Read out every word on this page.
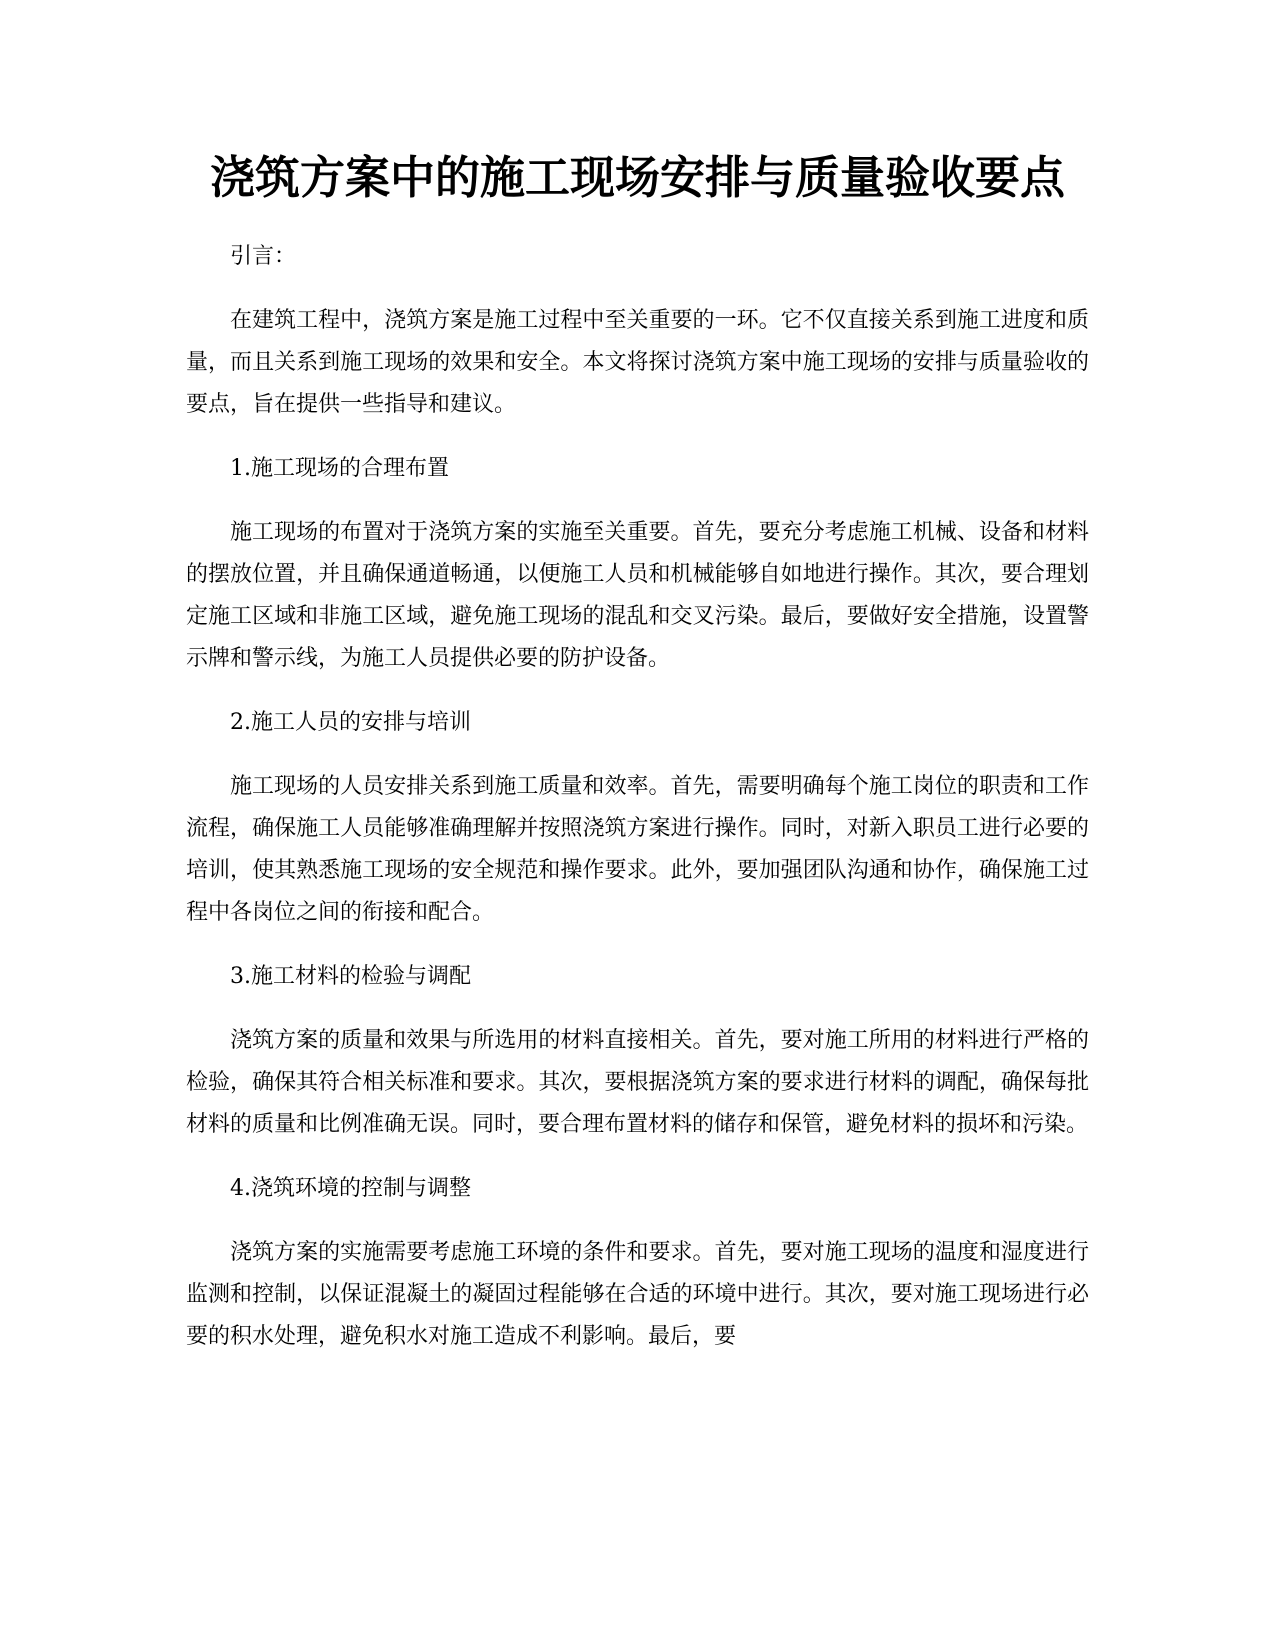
浇筑方案中的施工现场安排与质量验收要点

引言：

在建筑工程中，浇筑方案是施工过程中至关重要的一环。它不仅直接关系到施工进度和质量，而且关系到施工现场的效果和安全。本文将探讨浇筑方案中施工现场的安排与质量验收的要点，旨在提供一些指导和建议。

1.施工现场的合理布置

施工现场的布置对于浇筑方案的实施至关重要。首先，要充分考虑施工机械、设备和材料的摆放位置，并且确保通道畅通，以便施工人员和机械能够自如地进行操作。其次，要合理划定施工区域和非施工区域，避免施工现场的混乱和交叉污染。最后，要做好安全措施，设置警示牌和警示线，为施工人员提供必要的防护设备。

2.施工人员的安排与培训

施工现场的人员安排关系到施工质量和效率。首先，需要明确每个施工岗位的职责和工作流程，确保施工人员能够准确理解并按照浇筑方案进行操作。同时，对新入职员工进行必要的培训，使其熟悉施工现场的安全规范和操作要求。此外，要加强团队沟通和协作，确保施工过程中各岗位之间的衔接和配合。

3.施工材料的检验与调配

浇筑方案的质量和效果与所选用的材料直接相关。首先，要对施工所用的材料进行严格的检验，确保其符合相关标准和要求。其次，要根据浇筑方案的要求进行材料的调配，确保每批材料的质量和比例准确无误。同时，要合理布置材料的储存和保管，避免材料的损坏和污染。

4.浇筑环境的控制与调整

浇筑方案的实施需要考虑施工环境的条件和要求。首先，要对施工现场的温度和湿度进行监测和控制，以保证混凝土的凝固过程能够在合适的环境中进行。其次，要对施工现场进行必要的积水处理，避免积水对施工造成不利影响。最后，要
